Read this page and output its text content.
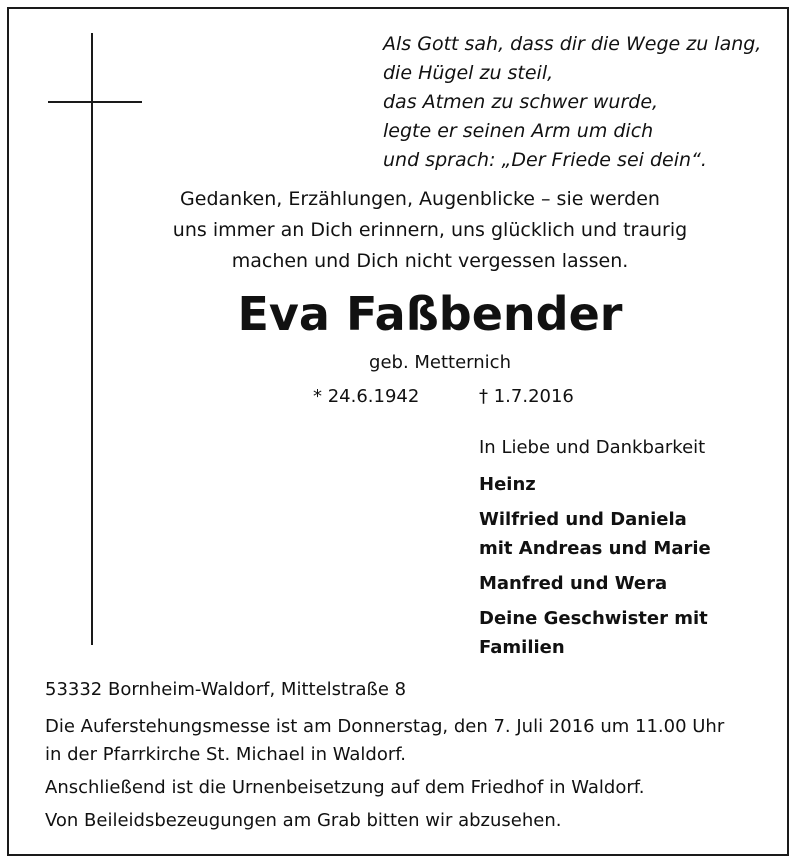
Als Gott sah, dass dir die Wege zu lang,
die Hügel zu steil,
das Atmen zu schwer wurde,
legte er seinen Arm um dich
und sprach: „Der Friede sei dein“.
Gedanken, Erzählungen, Augenblicke – sie werden
uns immer an Dich erinnern, uns glücklich und traurig
machen und Dich nicht vergessen lassen.
Eva Faßbender
geb. Metternich
* 24.6.1942	† 1.7.2016
In Liebe und Dankbarkeit
Heinz
Wilfried und Daniela
mit Andreas und Marie
Manfred und Wera
Deine Geschwister mit
Familien
53332 Bornheim-Waldorf, Mittelstraße 8
Die Auferstehungsmesse ist am Donnerstag, den 7. Juli 2016 um 11.00 Uhr
in der Pfarrkirche St. Michael in Waldorf.
Anschließend ist die Urnenbeisetzung auf dem Friedhof in Waldorf.
Von Beileidsbezeugungen am Grab bitten wir abzusehen.
